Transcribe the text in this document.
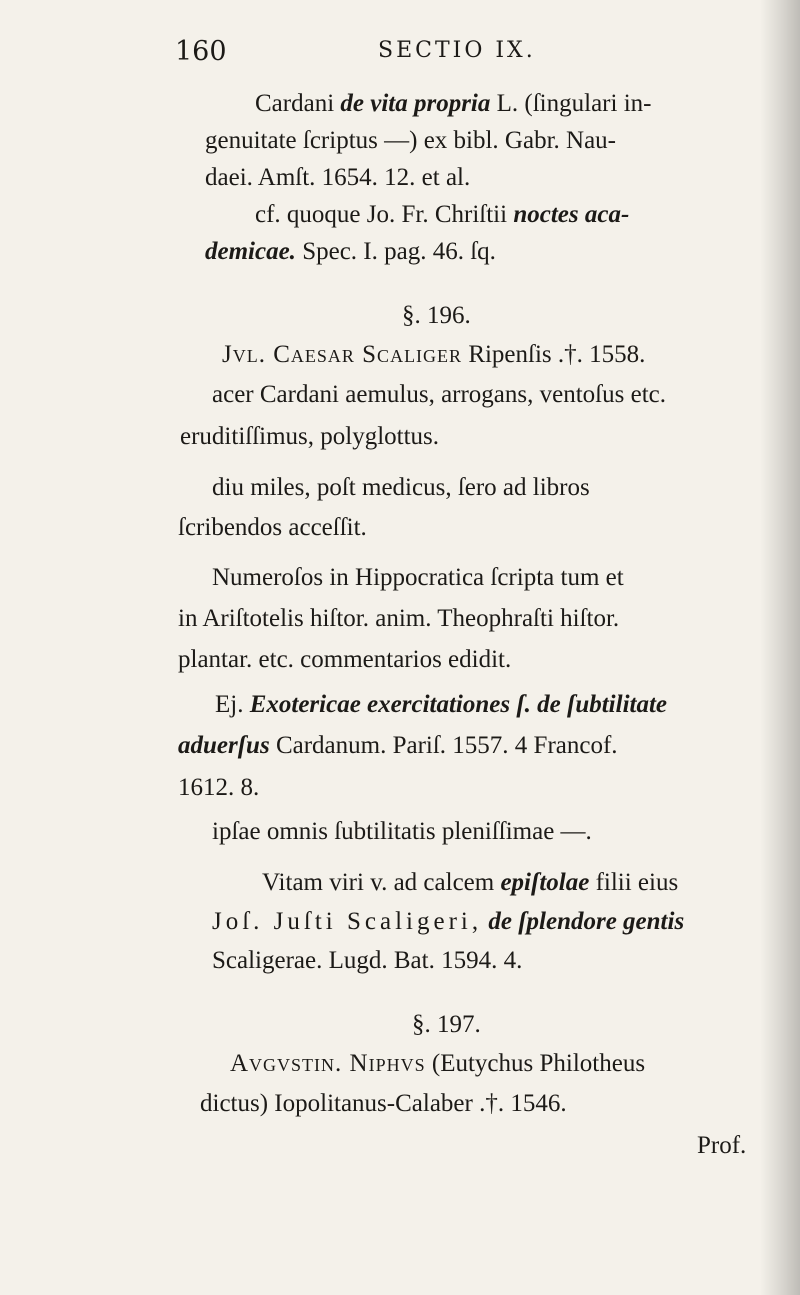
160	SECTIO IX.
Cardani de vita propria L. (ſingulari in-
genuitate ſcriptus —) ex bibl. Gabr. Nau-
daei. Amſt. 1654. 12. et al.
cf. quoque Jo. Fr. Chriſtii noctes aca-
demicae. Spec. I. pag. 46. ſq.
§. 196.
Jvl. Caesar Scaliger Ripenſis .†. 1558.
acer Cardani aemulus, arrogans, ventoſus etc.
eruditiſſimus, polyglottus.
diu miles, poſt medicus, ſero ad libros
ſcribendos acceſſit.
Numeroſos in Hippocratica ſcripta tum et
in Ariſtotelis hiſtor. anim. Theophraſti hiſtor.
plantar. etc. commentarios edidit.
Ej. Exotericae exercitationes ſ. de ſubtilitate
aduerſus Cardanum. Pariſ. 1557. 4 Francof.
1612. 8.
ipſae omnis ſubtilitatis pleniſſimae —.
Vitam viri v. ad calcem epiſtolae filii eius
Joſ. Juſti Scaligeri, de ſplendore gentis
Scaligerae. Lugd. Bat. 1594. 4.
§. 197.
Avgvstin. Niphvs (Eutychus Philotheus
dictus) Iopolitanus-Calaber .†. 1546.
Prof.
